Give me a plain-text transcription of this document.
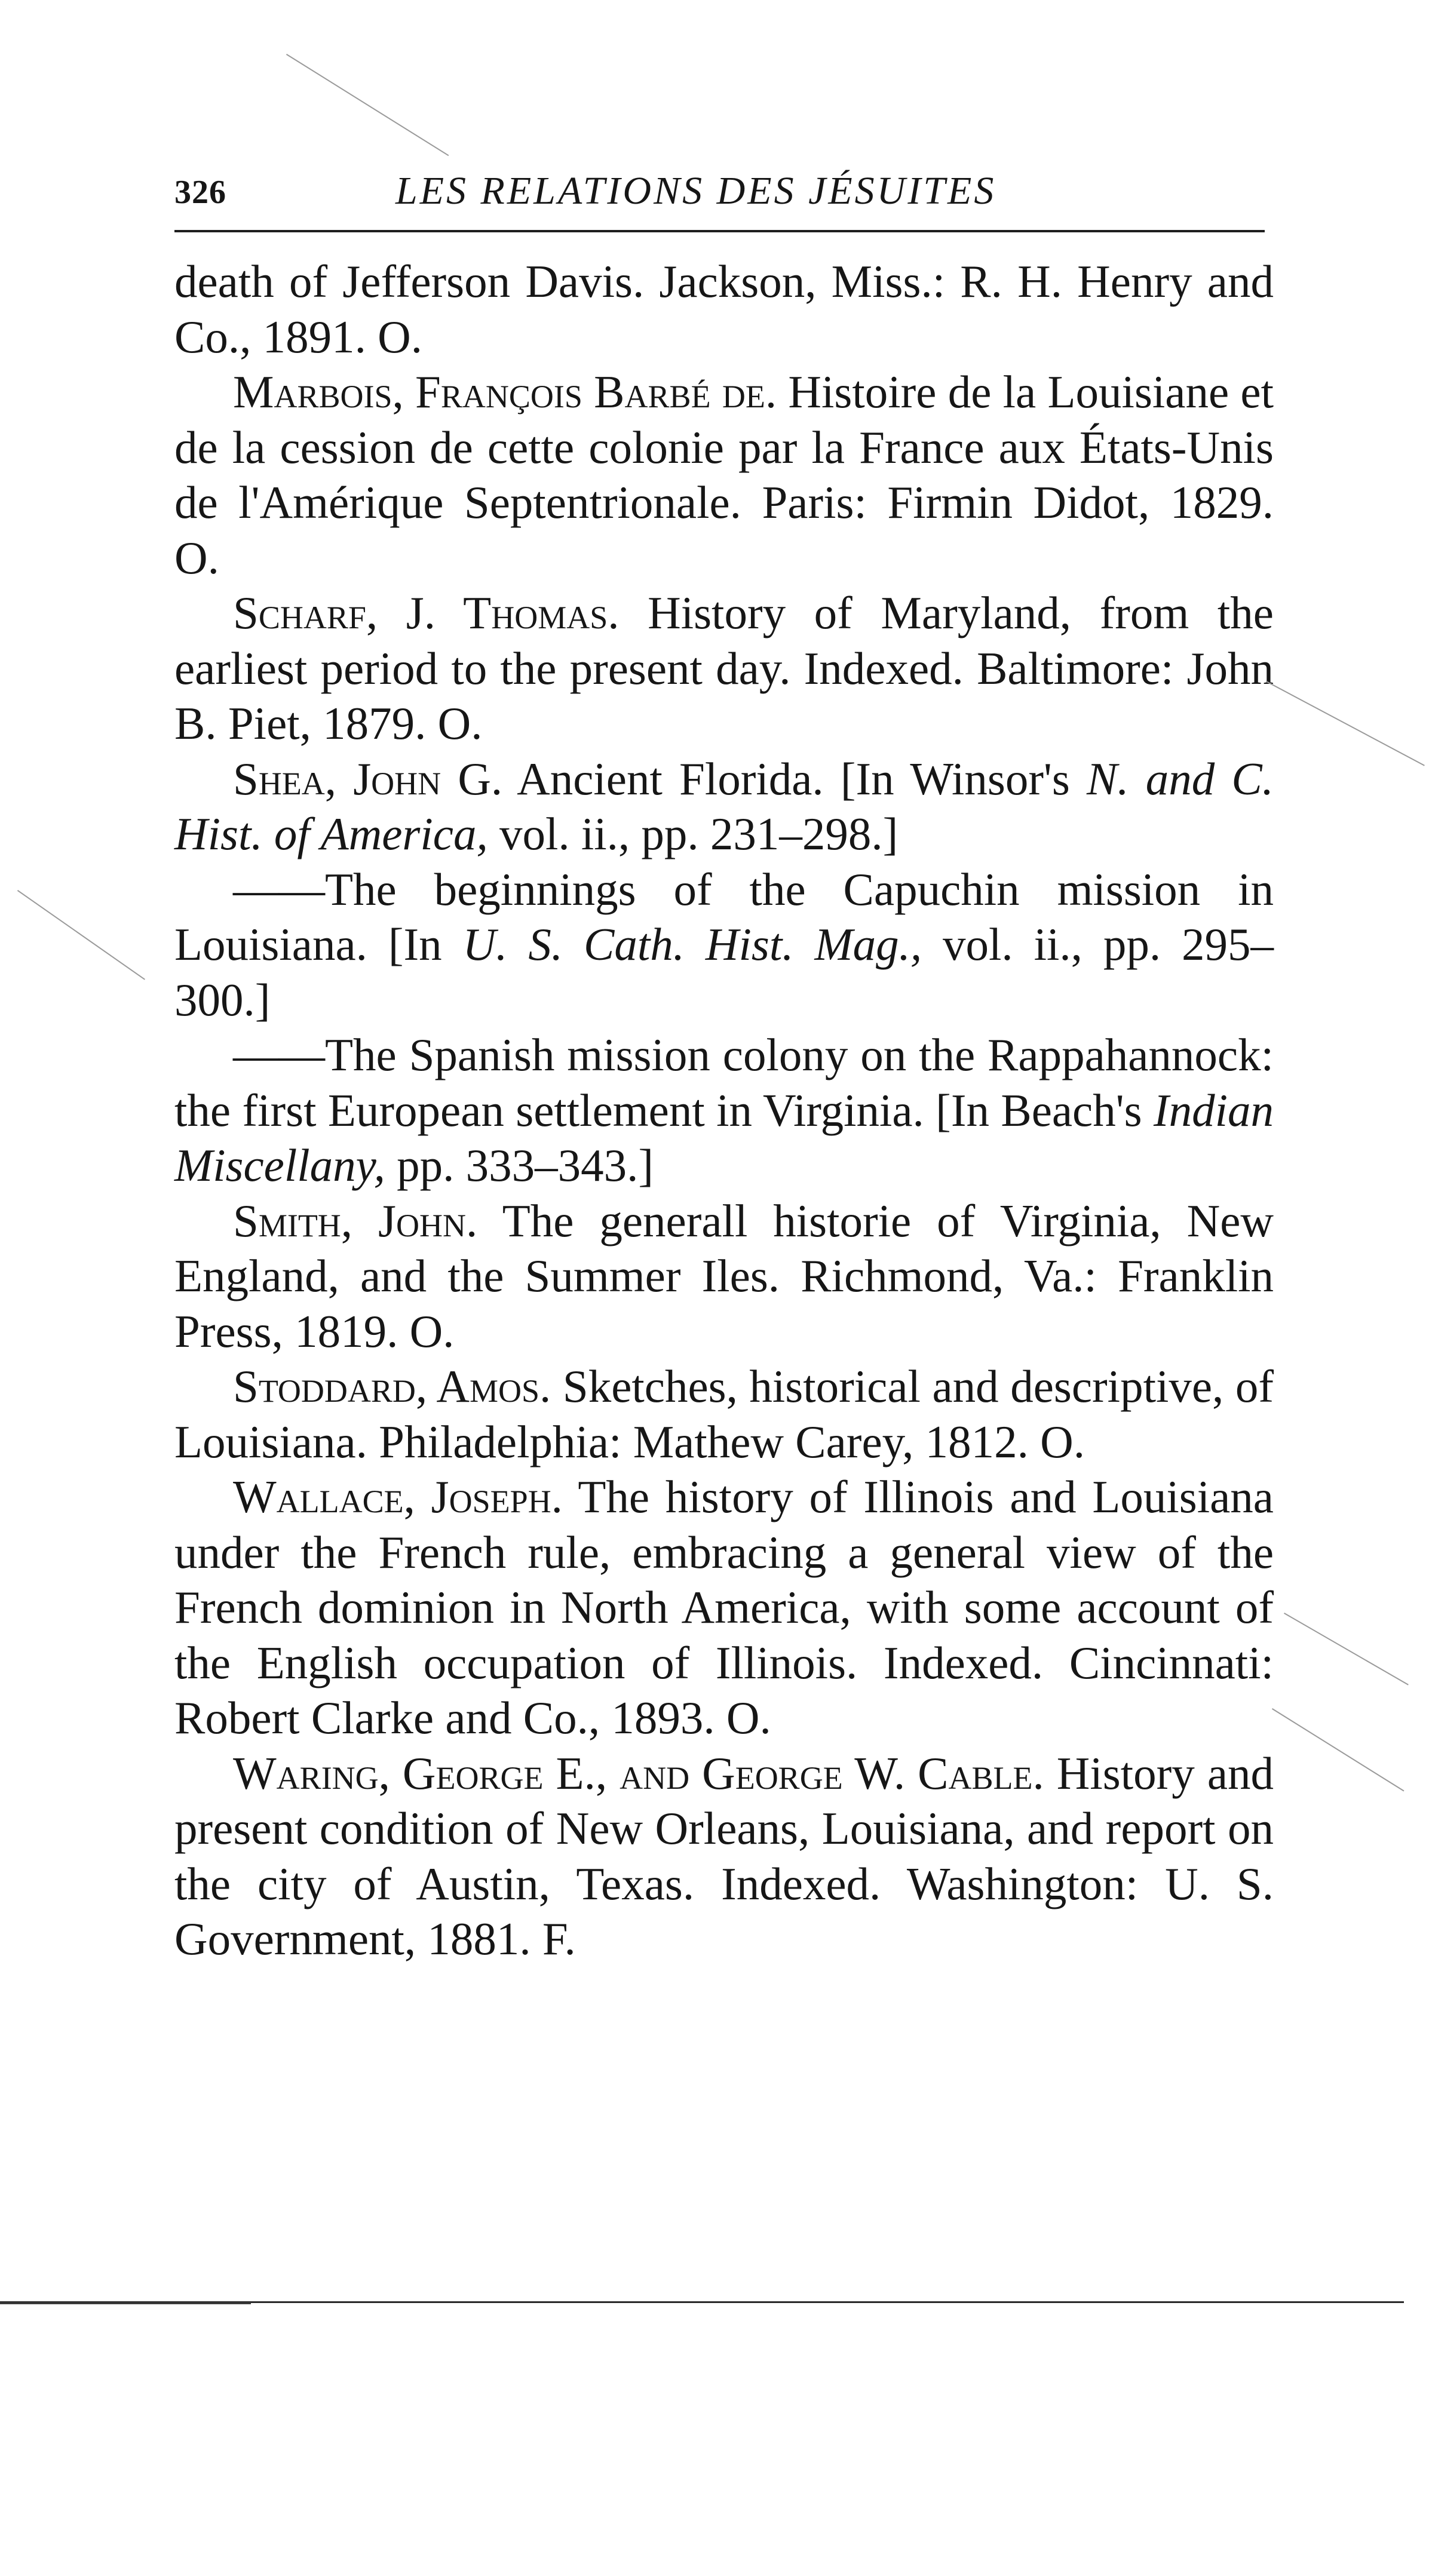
326	LES RELATIONS DES JÉSUITES

death of Jefferson Davis. Jackson, Miss.: R. H. Henry and Co., 1891. O.

Marbois, François Barbé de. Histoire de la Louisiane et de la cession de cette colonie par la France aux États-Unis de l'Amérique Septentrionale. Paris: Firmin Didot, 1829. O.

Scharf, J. Thomas. History of Maryland, from the earliest period to the present day. Indexed. Baltimore: John B. Piet, 1879. O.

Shea, John G. Ancient Florida. [In Winsor's N. and C. Hist. of America, vol. ii., pp. 231–298.]

——The beginnings of the Capuchin mission in Louisiana. [In U. S. Cath. Hist. Mag., vol. ii., pp. 295–300.]

——The Spanish mission colony on the Rappahannock: the first European settlement in Virginia. [In Beach's Indian Miscellany, pp. 333–343.]

Smith, John. The generall historie of Virginia, New England, and the Summer Iles. Richmond, Va.: Franklin Press, 1819. O.

Stoddard, Amos. Sketches, historical and descriptive, of Louisiana. Philadelphia: Mathew Carey, 1812. O.

Wallace, Joseph. The history of Illinois and Louisiana under the French rule, embracing a general view of the French dominion in North America, with some account of the English occupation of Illinois. Indexed. Cincinnati: Robert Clarke and Co., 1893. O.

Waring, George E., and George W. Cable. History and present condition of New Orleans, Louisiana, and report on the city of Austin, Texas. Indexed. Washington: U. S. Government, 1881. F.
